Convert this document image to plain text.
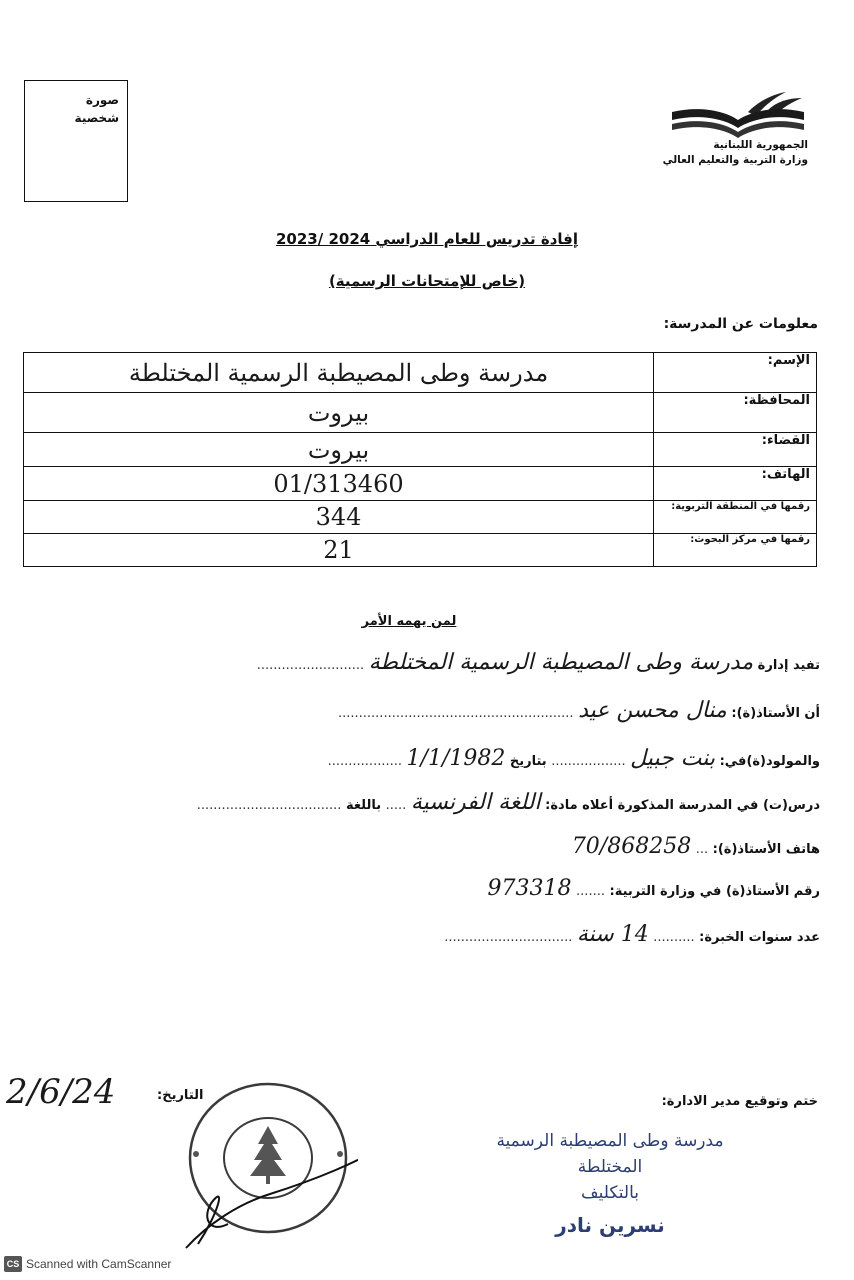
صورة
شخصية
الجمهورية اللبنانية
وزارة التربية والتعليم العالي
إفادة تدريس للعام الدراسي 2024 /2023
(خاص للإمتحانات الرسمية)
معلومات عن المدرسة:
مدرسة وطى المصيطبة الرسمية المختلطة	الإسم:
بيروت	المحافظة:
بيروت	القضاء:
01/313460	الهاتف:
344	رقمها في المنطقة التربوية:
21	رقمها في مركز البحوث:
لمن يهمه الأمر
تفيد إدارة مدرسة وطى المصيطبة الرسمية المختلطة ..........................
أن الأستاذ(ة): منال محسن عيد .........................................................
والمولود(ة)في: بنت جبيل .................. بتاريخ 1/1/1982 ..................
درس(ت) في المدرسة المذكورة أعلاه مادة: اللغة الفرنسية ..... باللغة ...................................
هاتف الأستاذ(ة): ... 70/868258
رقم الأستاذ(ة) في وزارة التربية: ....... 973318
عدد سنوات الخبرة: .......... 14 سنة ...............................
ختم وتوقيع مدير الادارة:
مدرسة وطى المصيطبة الرسمية
المختلطة
بالتكليف
نسرين نادر
التاريخ:
2/6/24
CS Scanned with CamScanner
